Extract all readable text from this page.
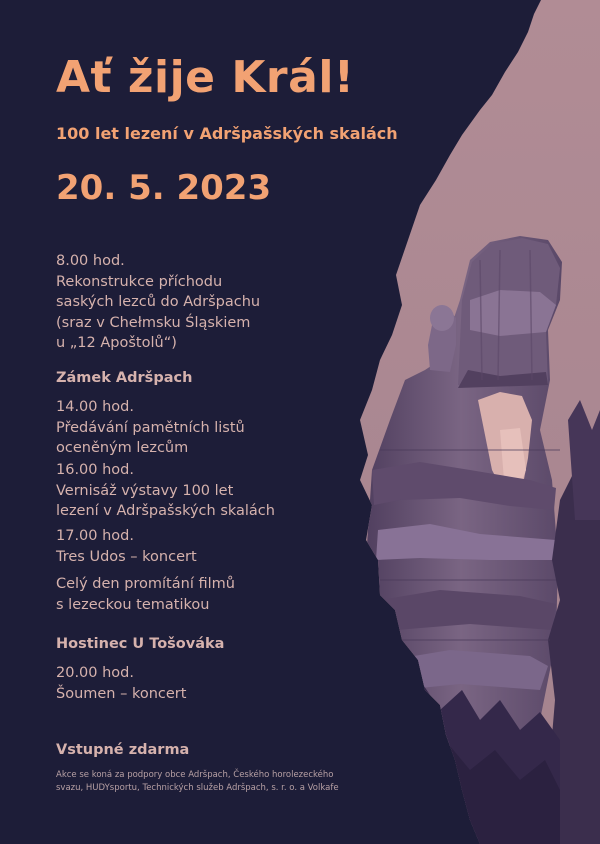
Ať žije Král!
100 let lezení v Adršpašských skalách
20. 5. 2023
8.00 hod.
Rekonstrukce příchodu
saských lezců do Adršpachu
(sraz v Chełmsku Śląskiem
u „12 Apoštolů“)
Zámek Adršpach
14.00 hod.
Předávání pamětních listů
oceněným lezcům
16.00 hod.
Vernisáž výstavy 100 let
lezení v Adršpašských skalách
17.00 hod.
Tres Udos – koncert
Celý den promítání filmů
s lezeckou tematikou
Hostinec U Tošováka
20.00 hod.
Šoumen – koncert
Vstupné zdarma
Akce se koná za podpory obce Adršpach, Českého horolezeckého
svazu, HUDYsportu, Technických služeb Adršpach, s. r. o. a Volkafe
